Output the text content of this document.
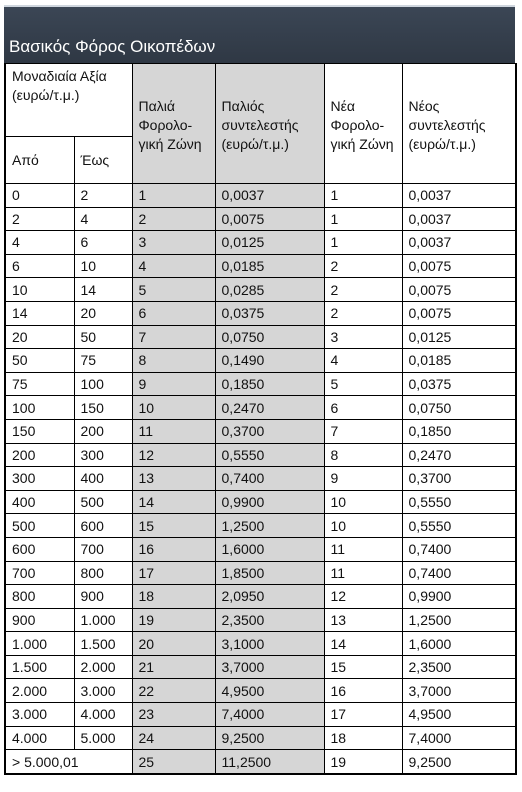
Βασικός Φόρος Οικοπέδων
Μοναδιαία Αξία (ευρώ/τ.μ.)		Παλιά Φορολο-γική Ζώνη	Παλιός συντελεστής (ευρώ/τ.μ.)	Νέα Φορολο-γική Ζώνη	Νέος συντελεστής (ευρώ/τ.μ.)
Από	Έως				
0	2	1	0,0037	1	0,0037
2	4	2	0,0075	1	0,0037
4	6	3	0,0125	1	0,0037
6	10	4	0,0185	2	0,0075
10	14	5	0,0285	2	0,0075
14	20	6	0,0375	2	0,0075
20	50	7	0,0750	3	0,0125
50	75	8	0,1490	4	0,0185
75	100	9	0,1850	5	0,0375
100	150	10	0,2470	6	0,0750
150	200	11	0,3700	7	0,1850
200	300	12	0,5550	8	0,2470
300	400	13	0,7400	9	0,3700
400	500	14	0,9900	10	0,5550
500	600	15	1,2500	10	0,5550
600	700	16	1,6000	11	0,7400
700	800	17	1,8500	11	0,7400
800	900	18	2,0950	12	0,9900
900	1.000	19	2,3500	13	1,2500
1.000	1.500	20	3,1000	14	1,6000
1.500	2.000	21	3,7000	15	2,3500
2.000	3.000	22	4,9500	16	3,7000
3.000	4.000	23	7,4000	17	4,9500
4.000	5.000	24	9,2500	18	7,4000
> 5.000,01		25	11,2500	19	9,2500
